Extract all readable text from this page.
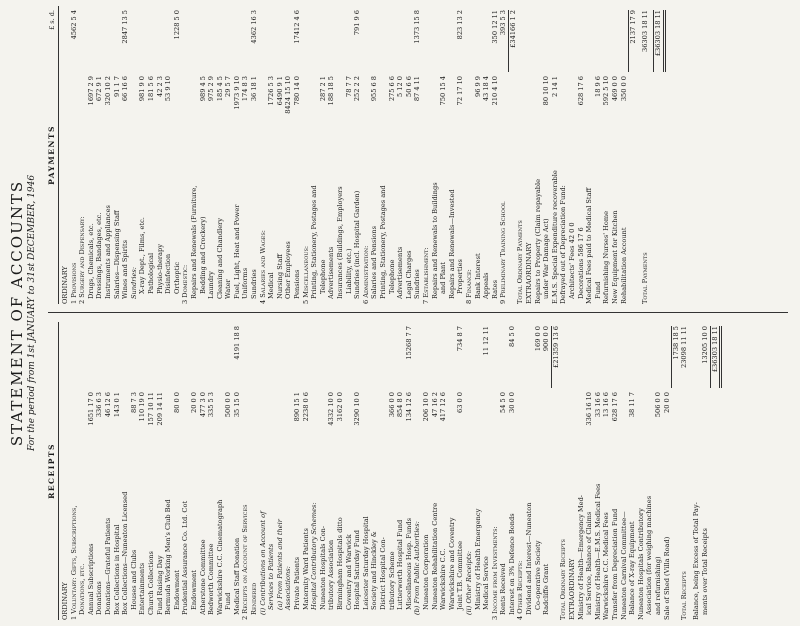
STATEMENT OF ACCOUNTS For the period from 1st JANUARY to 31st DECEMBER, 1946
RECEIPTS
ORDINARY 1 Voluntary: Gifts, Subscriptions, Donations, etc. Annual Subscriptions
1651 17 0
Donations
336 6 3
Donations—Grateful Patients
46 12 6
Box Collections in Hospital
143 0 1
Box Collections—Nuneaton Licensed Houses and Clubs
88 7 3
Entertainments
110 19 0
Church Collections
157 10 11
Fund Raising Day
209 14 11
Bermuda Working Men's Club Bed Endowment
80 0 0
Prudential Assurance Co. Ltd. Cot Endowment
20 0 0
Atherstone Committee
477 3 0
Bedworth Committee
335 5 3
Warwickshire C.C. Cinematograph Fund
500 0 0
Medical Staff Donation
35 15 0
4191 18 8
2 Receipts on Account of Services Rendered (i) Contributions on Account of Services to Patients (a) From Patients and their Associations: Private Patients
890 15 1
Maternity Ward Patients
2238 0 6
Hospital Contributory Schemes: Nuneaton Hospitals Con- tributory Association
4332 10 0
Birmingham Hospitals ditto
3162 0 0
Coventry and Warwick Hospital Saturday Fund
3290 10 0
Leicester Saturday Hospital Society and Hinckley & District Hospital Con- tributory Scheme
366 0 0
Lutterworth Hospital Fund
854 8 0
Miscellaneous Hosp. Funds
134 12 6
15268 7 7
(b) From Public Authorities: Nuneaton Corporation
206 10 0
Nuneaton Rehabilitation Centre
47 16 2
Warwickshire C.C.
417 12 6
Warwickshire and Coventry Joint T.B. Committee
63 0 0
734 8 7
(ii) Other Receipts: Ministry of Health Emergency Medical Service
11 12 11
3 Income from Investments: Rents Received
54 5 0
Interest on 3% Defence Bonds
30 0 0
84 5 0
4 Other Receipts: Dividend and Interest—Nuneaton Co-operative Society
169 0 0
Radcliffe Grant
900 0 0 £21359 13 6
Total Ordinary Receipts EXTRAORDINARY Ministry of Health—Emergency Med- ical Service, Balance of Claims
336 16 10
Ministry of Health—E.M.S. Medical Fees
33 16 6
Warwickshire C.C. Medical Fees
13 16 6
Transfer from Depreciation Fund
628 17 6
Nuneaton Carnival Committee— Balance of X-ray Equipment
38 11 7
Nuneaton Hospitals Contributory Association (for weighing machines and refurnishing)
506 0 0
Sale of Shed (Villa Road)
20 0 0
1738 18 5
Total Receipts
23098 11 11
Balance, being Excess of Total Pay- ments over Total Receipts
13205 10 0 £36303 18 11
PAYMENTS
£ s. d.
ORDINARY 1 Provisions
4562 5 4
2 Surgery and Dispensary: Drugs, Chemicals, etc.
1697 2 9
Dressings, Bandages, etc.
672 9 1
Instruments and Appliances
320 10 2
Salaries—Dispensing Staff
91 1 7
Wines and Spirits
66 16 6
2847 13 5
Sundries: X-ray Dept., Films, etc.
981 9 0
Pathological
181 5 6
Physio-therapy
42 2 3
Disinfection
53 9 10
Orthoptic
1228 5 0
3 Domestic: Repairs and Renewals (Furniture, Bedding and Crockery)
989 4 5
Laundry
975 2 9
Cleaning and Chandlery
185 4 5
Water
29 5 7
Fuel, Light, Heat and Power
1973 9 10
Uniforms
174 8 3
Sundries
36 18 1
4362 16 3
4 Salaries and Wages: Medical
1726 5 3
Nursing Staff
6490 9 1
Other Employees
8424 15 10
Pensions
780 14 0
17412 4 6
5 Miscellaneous: Printing, Stationery, Postages and Telephone
287 2 1
Advertisements
188 18 5
Insurances (Buildings, Employers Liability, etc.)
78 7 7
Sundries (incl. Hospital Garden)
252 2 2
791 9 6
6 Administration: Salaries and Pensions
955 6 8
Printing, Stationery, Postages and Telephone
275 6 6
Advertisements
5 12 0
Legal Charges
50 6 6
Sundries
87 4 11
1373 15 8
7 Establishment: Repairs and Renewals to Buildings and Plant
750 15 4
Repairs and Renewals—Invested Properties
72 17 10
823 13 2
8 Finance: Bank Interest
96 9 9
Appeals
43 18 4
Rates
210 4 10
350 12 11
9 Preliminary Training School
393 5 3 £34166 1 2
Total Ordinary Payments EXTRAORDINARY Repairs to Property (Claim repayable under War Damage Act)
80 10 10
E.M.S. Special Expenditure recoverable
2 14 1
Defrayed out of Depreciation Fund: Architects' Fees 42 0 0 Decorations 586 17 6
628 17 6
Medical Fees paid to Medical Staff Fund
18 9 6
Refurnishing Nurses' Home
592 5 10
New Equipment for Kitchen
469 0 0
Rehabilitation Account
350 0 0
2137 17 9
Total Payments
36303 18 11 £36303 18 11
